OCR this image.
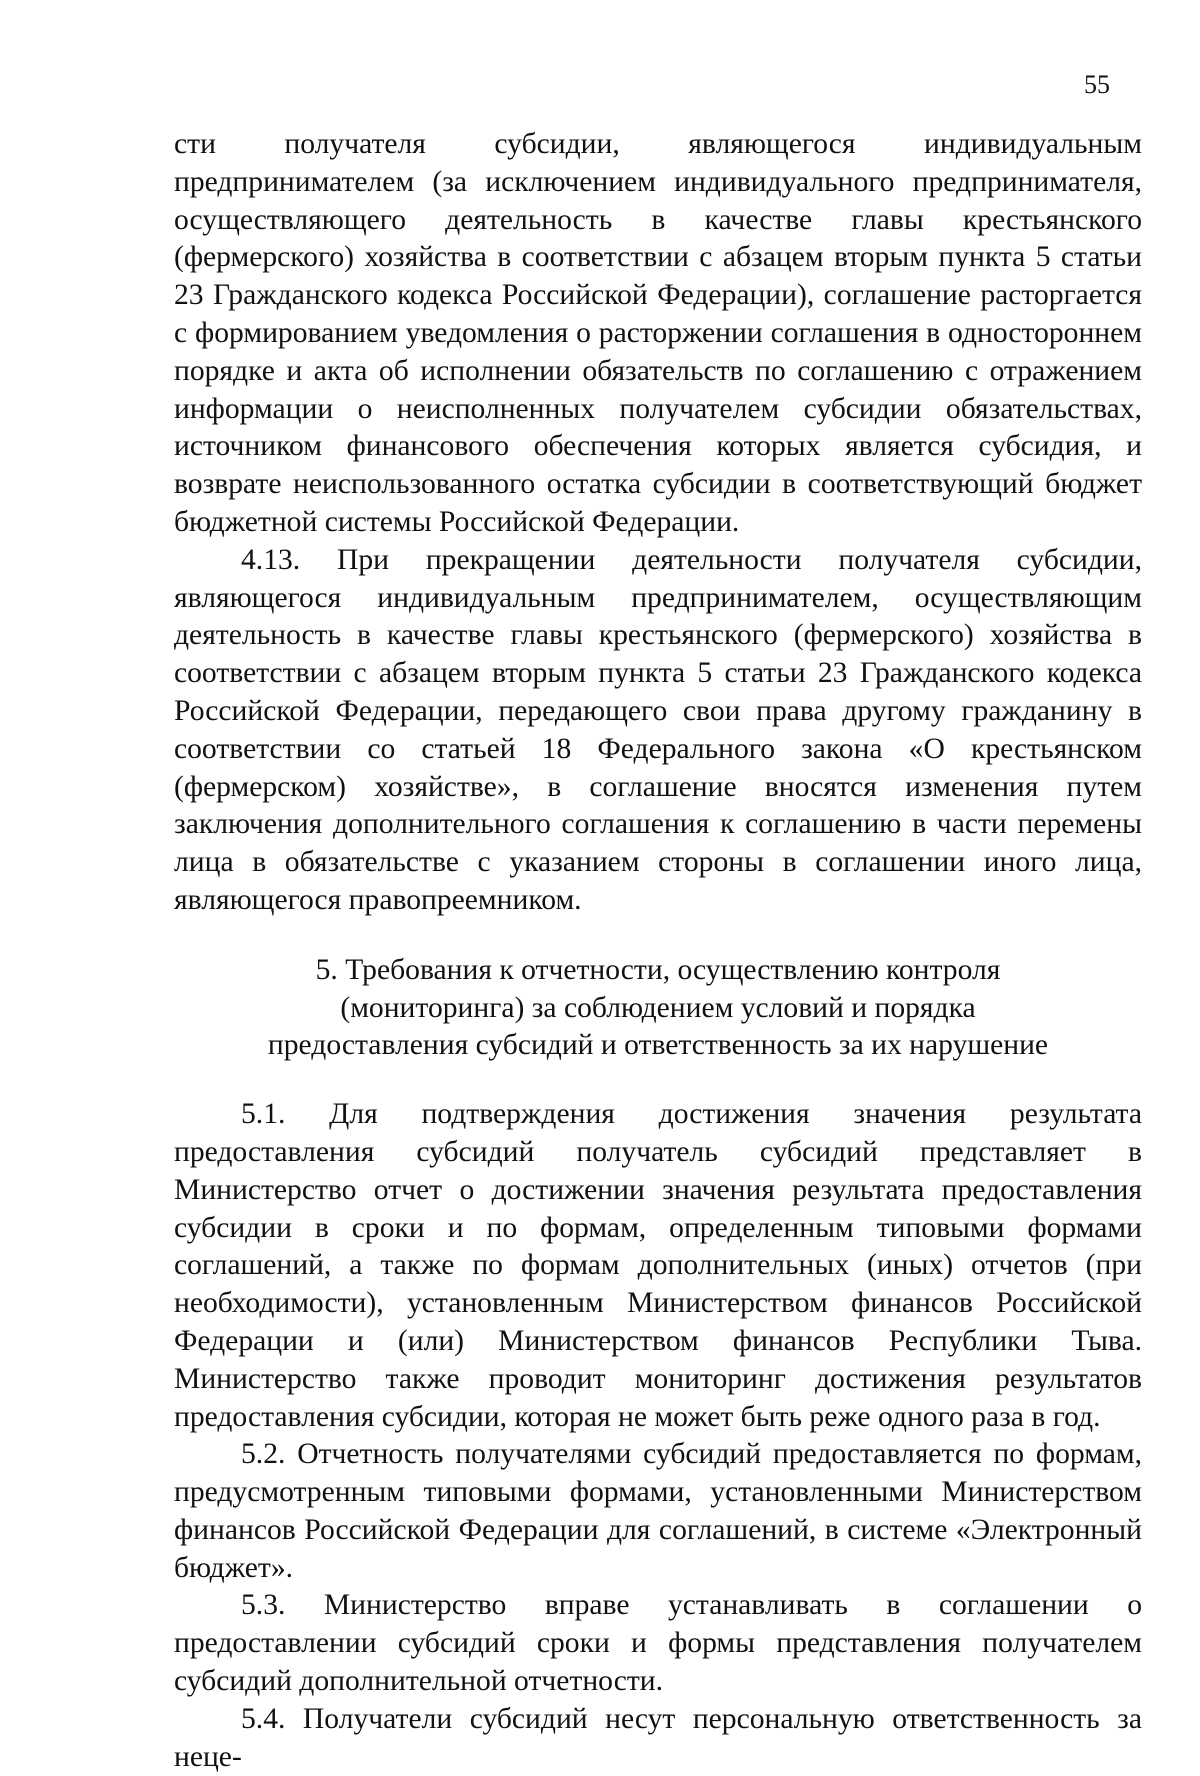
55

сти получателя субсидии, являющегося индивидуальным предпринимателем (за исключением индивидуального предпринимателя, осуществляющего деятельность в качестве главы крестьянского (фермерского) хозяйства в соответствии с абзацем вторым пункта 5 статьи 23 Гражданского кодекса Российской Федерации), соглашение расторгается с формированием уведомления о расторжении соглашения в одностороннем порядке и акта об исполнении обязательств по соглашению с отражением информации о неисполненных получателем субсидии обязательствах, источником финансового обеспечения которых является субсидия, и возврате неиспользованного остатка субсидии в соответствующий бюджет бюджетной системы Российской Федерации.

4.13. При прекращении деятельности получателя субсидии, являющегося индивидуальным предпринимателем, осуществляющим деятельность в качестве главы крестьянского (фермерского) хозяйства в соответствии с абзацем вторым пункта 5 статьи 23 Гражданского кодекса Российской Федерации, передающего свои права другому гражданину в соответствии со статьей 18 Федерального закона «О крестьянском (фермерском) хозяйстве», в соглашение вносятся изменения путем заключения дополнительного соглашения к соглашению в части перемены лица в обязательстве с указанием стороны в соглашении иного лица, являющегося правопреемником.

5. Требования к отчетности, осуществлению контроля
(мониторинга) за соблюдением условий и порядка
предоставления субсидий и ответственность за их нарушение

5.1. Для подтверждения достижения значения результата предоставления субсидий получатель субсидий представляет в Министерство отчет о достижении значения результата предоставления субсидии в сроки и по формам, определенным типовыми формами соглашений, а также по формам дополнительных (иных) отчетов (при необходимости), установленным Министерством финансов Российской Федерации и (или) Министерством финансов Республики Тыва. Министерство также проводит мониторинг достижения результатов предоставления субсидии, которая не может быть реже одного раза в год.

5.2. Отчетность получателями субсидий предоставляется по формам, предусмотренным типовыми формами, установленными Министерством финансов Российской Федерации для соглашений, в системе «Электронный бюджет».

5.3. Министерство вправе устанавливать в соглашении о предоставлении субсидий сроки и формы представления получателем субсидий дополнительной отчетности.

5.4. Получатели субсидий несут персональную ответственность за неце-
